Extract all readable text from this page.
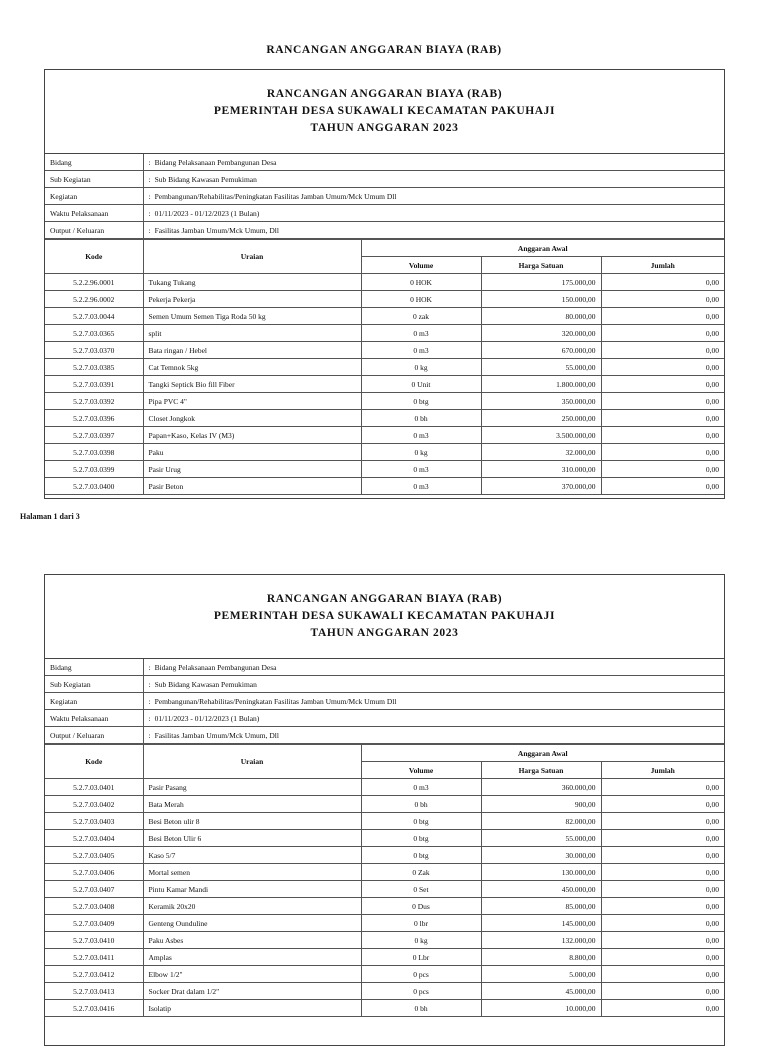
RANCANGAN ANGGARAN BIAYA (RAB)
RANCANGAN ANGGARAN BIAYA (RAB)
PEMERINTAH DESA SUKAWALI KECAMATAN PAKUHAJI
TAHUN ANGGARAN 2023
Bidang	: Bidang Pelaksanaan Pembangunan Desa
Sub Kegiatan	: Sub Bidang Kawasan Pemukiman
Kegiatan	: Pembangunan/Rehabilitas/Peningkatan Fasilitas Jamban Umum/Mck Umum Dll
Waktu Pelaksanaan	: 01/11/2023 - 01/12/2023 (1 Bulan)
Output / Keluaran	: Fasilitas Jamban Umum/Mck Umum, Dll
Kode	Uraian	Anggaran Awal		
		Volume	Harga Satuan	Jumlah
5.2.2.96.0001	Tukang Tukang	0 HOK	175.000,00	0,00
5.2.2.96.0002	Pekerja Pekerja	0 HOK	150.000,00	0,00
5.2.7.03.0044	Semen Umum Semen Tiga Roda 50 kg	0 zak	80.000,00	0,00
5.2.7.03.0365	split	0 m3	320.000,00	0,00
5.2.7.03.0370	Bata ringan / Hebel	0 m3	670.000,00	0,00
5.2.7.03.0385	Cat Temnok 5kg	0 kg	55.000,00	0,00
5.2.7.03.0391	Tangki Septick Bio fill Fiber	0 Unit	1.800.000,00	0,00
5.2.7.03.0392	Pipa PVC 4"	0 btg	350.000,00	0,00
5.2.7.03.0396	Closet Jongkok	0 bh	250.000,00	0,00
5.2.7.03.0397	Papan+Kaso, Kelas IV (M3)	0 m3	3.500.000,00	0,00
5.2.7.03.0398	Paku	0 kg	32.000,00	0,00
5.2.7.03.0399	Pasir Urug	0 m3	310.000,00	0,00
5.2.7.03.0400	Pasir Beton	0 m3	370.000,00	0,00
Halaman 1 dari 3
RANCANGAN ANGGARAN BIAYA (RAB)
PEMERINTAH DESA SUKAWALI KECAMATAN PAKUHAJI
TAHUN ANGGARAN 2023
Bidang	: Bidang Pelaksanaan Pembangunan Desa
Sub Kegiatan	: Sub Bidang Kawasan Pemukiman
Kegiatan	: Pembangunan/Rehabilitas/Peningkatan Fasilitas Jamban Umum/Mck Umum Dll
Waktu Pelaksanaan	: 01/11/2023 - 01/12/2023 (1 Bulan)
Output / Keluaran	: Fasilitas Jamban Umum/Mck Umum, Dll
Kode	Uraian	Anggaran Awal		
		Volume	Harga Satuan	Jumlah
5.2.7.03.0401	Pasir Pasang	0 m3	360.000,00	0,00
5.2.7.03.0402	Bata Merah	0 bh	900,00	0,00
5.2.7.03.0403	Besi Beton ulir 8	0 btg	82.000,00	0,00
5.2.7.03.0404	Besi Beton Ulir 6	0 btg	55.000,00	0,00
5.2.7.03.0405	Kaso 5/7	0 btg	30.000,00	0,00
5.2.7.03.0406	Mortal semen	0 Zak	130.000,00	0,00
5.2.7.03.0407	Pintu Kamar Mandi	0 Set	450.000,00	0,00
5.2.7.03.0408	Keramik 20x20	0 Dus	85.000,00	0,00
5.2.7.03.0409	Genteng Ounduline	0 lbr	145.000,00	0,00
5.2.7.03.0410	Paku Asbes	0 kg	132.000,00	0,00
5.2.7.03.0411	Amplas	0 Lbr	8.800,00	0,00
5.2.7.03.0412	Elbow 1/2"	0 pcs	5.000,00	0,00
5.2.7.03.0413	Socker Drat dalam 1/2"	0 pcs	45.000,00	0,00
5.2.7.03.0416	Isolatip	0 bh	10.000,00	0,00
